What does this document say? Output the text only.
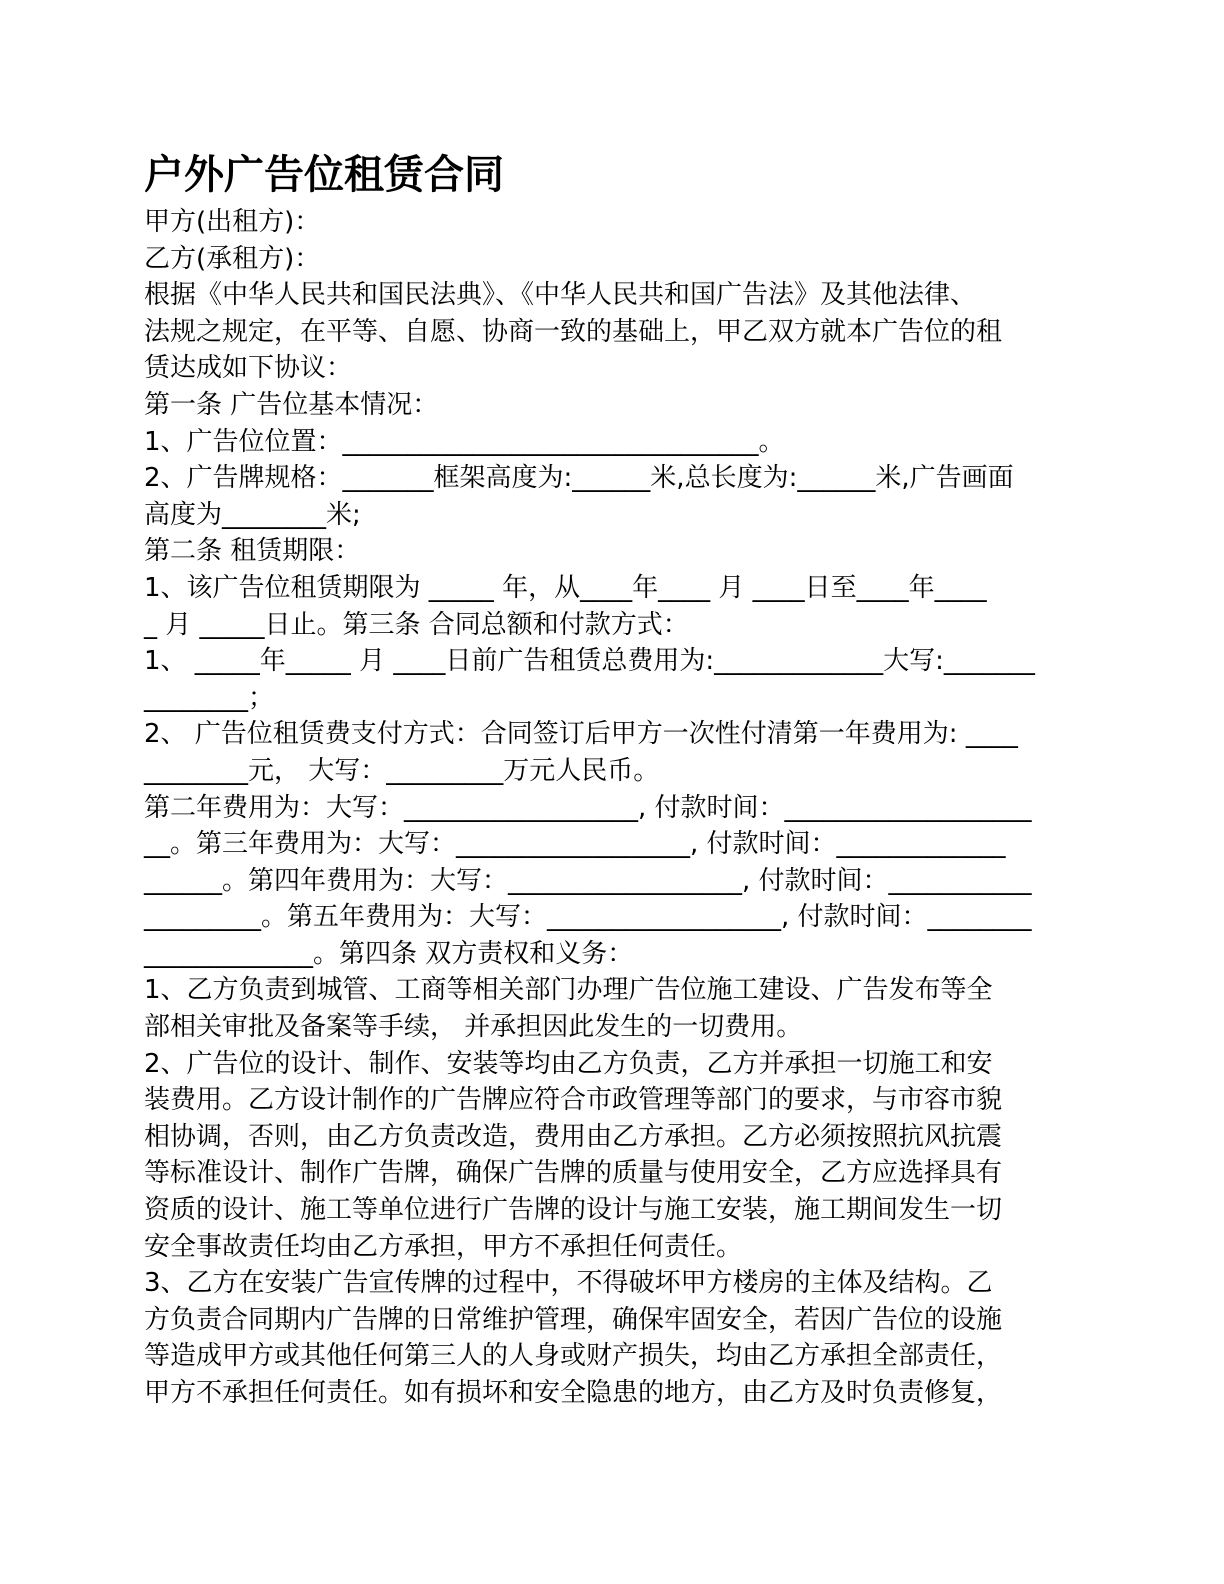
户外广告位租赁合同

甲方(出租方)：

乙方(承租方)：

根据《中华人民共和国民法典》、《中华人民共和国广告法》及其他法律、

法规之规定，在平等、自愿、协商一致的基础上，甲乙双方就本广告位的租

赁达成如下协议：

第一条 广告位基本情况：

1、广告位位置：________________________________。

2、广告牌规格：_______框架高度为:______米,总长度为:______米,广告画面

高度为________米;

第二条 租赁期限：

1、该广告位租赁期限为 _____ 年，从____年____ 月 ____日至____年____

_ 月 _____日止。第三条 合同总额和付款方式：

1、 _____年_____ 月 ____日前广告租赁总费用为:_____________大写:_______

________；

2、 广告位租赁费支付方式：合同签订后甲方一次性付清第一年费用为: ____

________元， 大写：_________万元人民币。

第二年费用为：大写：__________________, 付款时间：___________________

__。第三年费用为：大写：__________________, 付款时间：_____________

______。第四年费用为：大写：__________________, 付款时间：___________

_________。第五年费用为：大写：__________________, 付款时间：________

_____________。第四条 双方责权和义务：

1、乙方负责到城管、工商等相关部门办理广告位施工建设、广告发布等全

部相关审批及备案等手续， 并承担因此发生的一切费用。

2、广告位的设计、制作、安装等均由乙方负责，乙方并承担一切施工和安

装费用。乙方设计制作的广告牌应符合市政管理等部门的要求，与市容市貌

相协调，否则，由乙方负责改造，费用由乙方承担。乙方必须按照抗风抗震

等标准设计、制作广告牌，确保广告牌的质量与使用安全，乙方应选择具有

资质的设计、施工等单位进行广告牌的设计与施工安装，施工期间发生一切

安全事故责任均由乙方承担，甲方不承担任何责任。

3、乙方在安装广告宣传牌的过程中，不得破坏甲方楼房的主体及结构。乙

方负责合同期内广告牌的日常维护管理，确保牢固安全，若因广告位的设施

等造成甲方或其他任何第三人的人身或财产损失，均由乙方承担全部责任，

甲方不承担任何责任。如有损坏和安全隐患的地方，由乙方及时负责修复，
